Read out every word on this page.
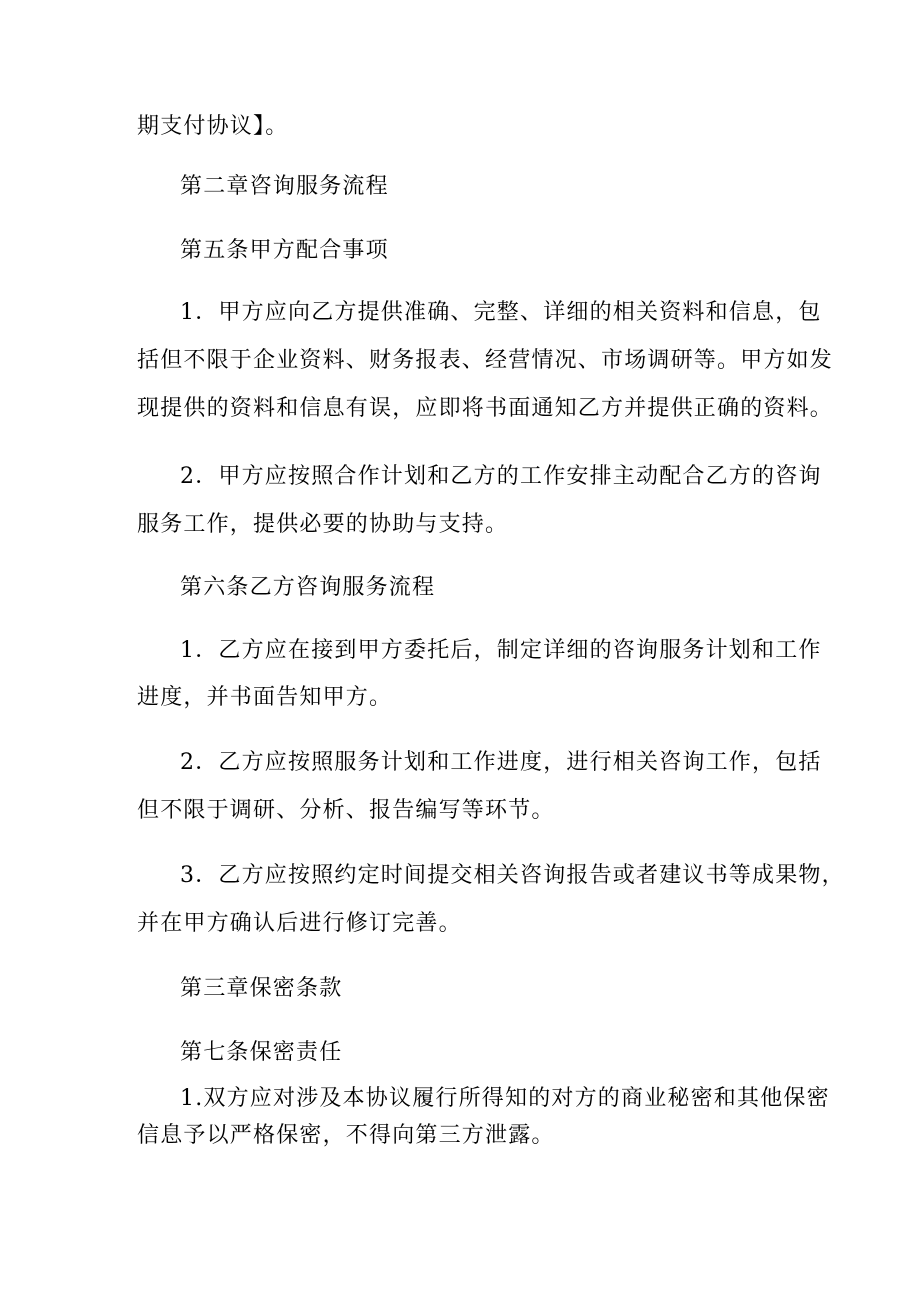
期支付协议】。
第二章咨询服务流程
第五条甲方配合事项
1．甲方应向乙方提供准确、完整、详细的相关资料和信息，包
括但不限于企业资料、财务报表、经营情况、市场调研等。甲方如发
现提供的资料和信息有误，应即将书面通知乙方并提供正确的资料。
2．甲方应按照合作计划和乙方的工作安排主动配合乙方的咨询
服务工作，提供必要的协助与支持。
第六条乙方咨询服务流程
1．乙方应在接到甲方委托后，制定详细的咨询服务计划和工作
进度，并书面告知甲方。
2．乙方应按照服务计划和工作进度，进行相关咨询工作，包括
但不限于调研、分析、报告编写等环节。
3．乙方应按照约定时间提交相关咨询报告或者建议书等成果物，
并在甲方确认后进行修订完善。
第三章保密条款
第七条保密责任
1.双方应对涉及本协议履行所得知的对方的商业秘密和其他保密
信息予以严格保密，不得向第三方泄露。
